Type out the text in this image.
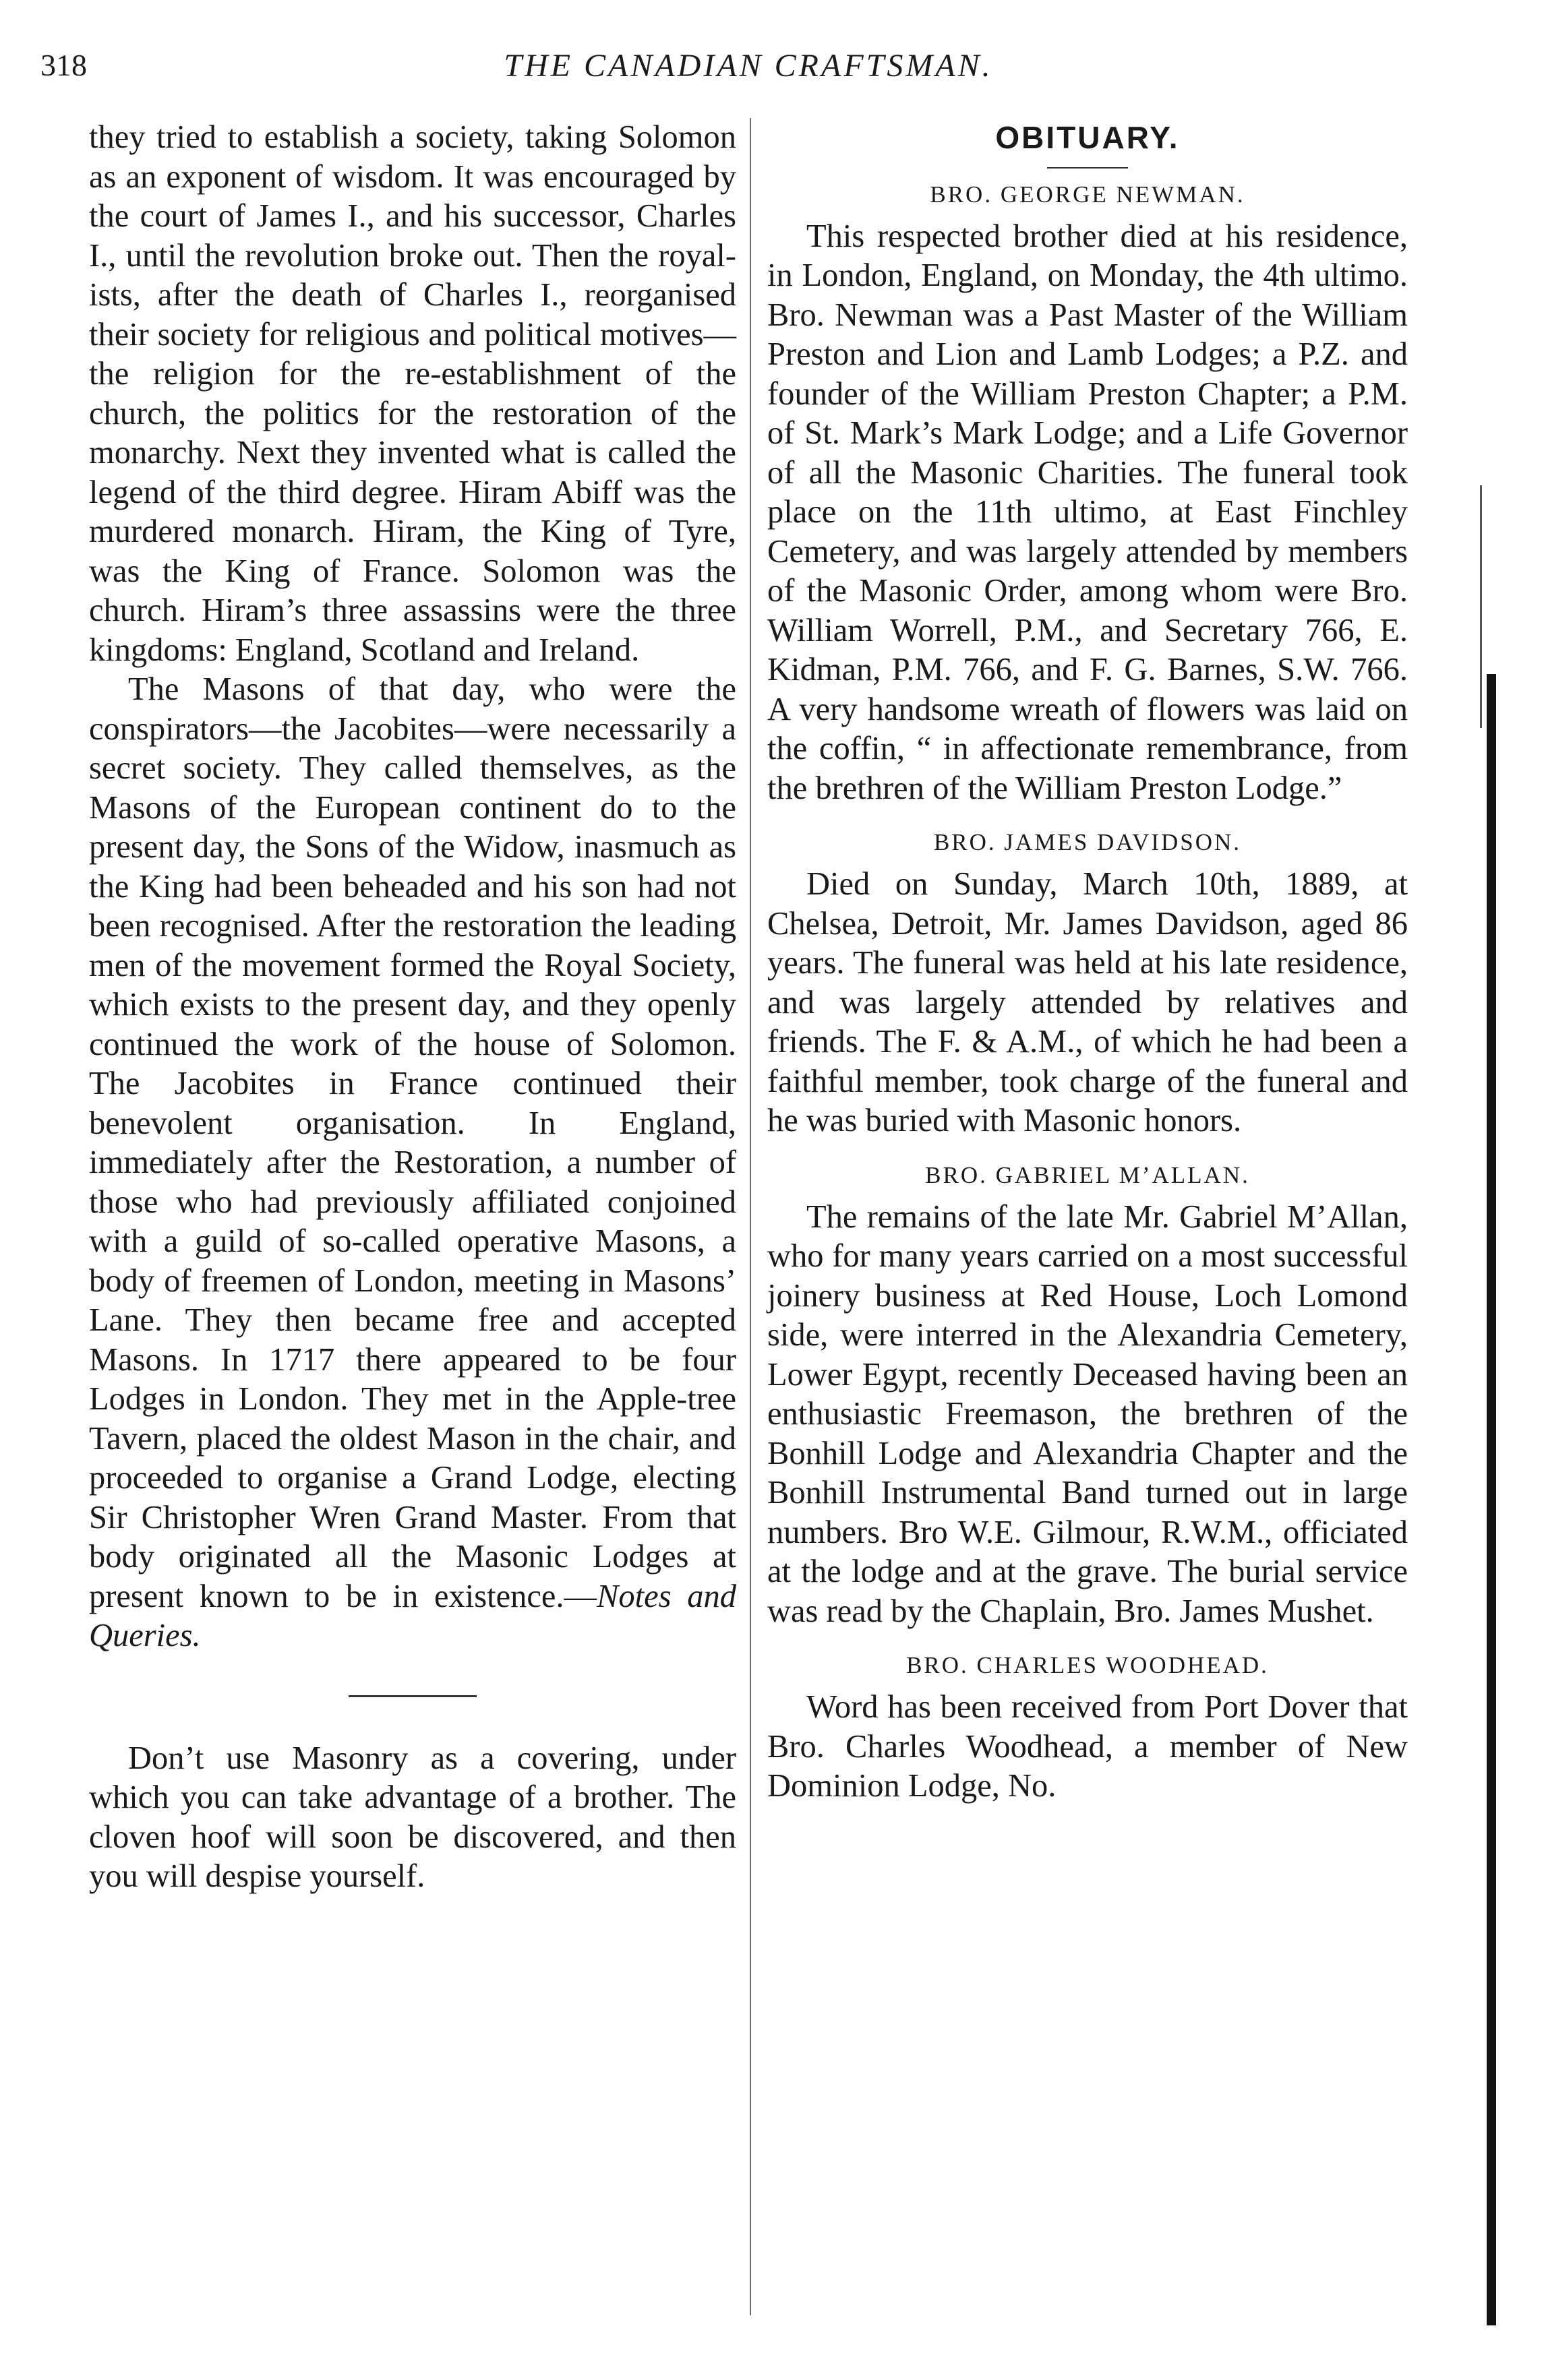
318	THE CANADIAN CRAFTSMAN.

they tried to establish a society, taking Solomon as an exponent of wisdom. It was encouraged by the court of James I., and his successor, Charles I., until the revolution broke out. Then the royalists, after the death of Charles I., reorganised their society for religious and political motives—the religion for the re-establishment of the church, the politics for the restoration of the monarchy. Next they invented what is called the legend of the third degree. Hiram Abiff was the murdered monarch. Hiram, the King of Tyre, was the King of France. Solomon was the church. Hiram’s three assassins were the three kingdoms: England, Scotland and Ireland.

The Masons of that day, who were the conspirators—the Jacobites—were necessarily a secret society. They called themselves, as the Masons of the European continent do to the present day, the Sons of the Widow, inasmuch as the King had been beheaded and his son had not been recognised. After the restoration the leading men of the movement formed the Royal Society, which exists to the present day, and they openly continued the work of the house of Solomon. The Jacobites in France continued their benevolent organisation. In England, immediately after the Restoration, a number of those who had previously affiliated conjoined with a guild of so-called operative Masons, a body of freemen of London, meeting in Masons’ Lane. They then became free and accepted Masons. In 1717 there appeared to be four Lodges in London. They met in the Apple-tree Tavern, placed the oldest Mason in the chair, and proceeded to organise a Grand Lodge, electing Sir Christopher Wren Grand Master. From that body originated all the Masonic Lodges at present known to be in existence.—Notes and Queries.

Don’t use Masonry as a covering, under which you can take advantage of a brother. The cloven hoof will soon be discovered, and then you will despise yourself.

OBITUARY.
BRO. GEORGE NEWMAN.

This respected brother died at his residence, in London, England, on Monday, the 4th ultimo. Bro. Newman was a Past Master of the William Preston and Lion and Lamb Lodges; a P.Z. and founder of the William Preston Chapter; a P.M. of St. Mark’s Mark Lodge; and a Life Governor of all the Masonic Charities. The funeral took place on the 11th ultimo, at East Finchley Cemetery, and was largely attended by members of the Masonic Order, among whom were Bro. William Worrell, P.M., and Secretary 766, E. Kidman, P.M. 766, and F. G. Barnes, S.W. 766. A very handsome wreath of flowers was laid on the coffin, “ in affectionate remembrance, from the brethren of the William Preston Lodge.”

BRO. JAMES DAVIDSON.

Died on Sunday, March 10th, 1889, at Chelsea, Detroit, Mr. James Davidson, aged 86 years. The funeral was held at his late residence, and was largely attended by relatives and friends. The F. & A.M., of which he had been a faithful member, took charge of the funeral and he was buried with Masonic honors.

BRO. GABRIEL M’ALLAN.

The remains of the late Mr. Gabriel M’Allan, who for many years carried on a most successful joinery business at Red House, Loch Lomond side, were interred in the Alexandria Cemetery, Lower Egypt, recently Deceased having been an enthusiastic Freemason, the brethren of the Bonhill Lodge and Alexandria Chapter and the Bonhill Instrumental Band turned out in large numbers. Bro W.E. Gilmour, R.W.M., officiated at the lodge and at the grave. The burial service was read by the Chaplain, Bro. James Mushet.

BRO. CHARLES WOODHEAD.

Word has been received from Port Dover that Bro. Charles Woodhead, a member of New Dominion Lodge, No.
